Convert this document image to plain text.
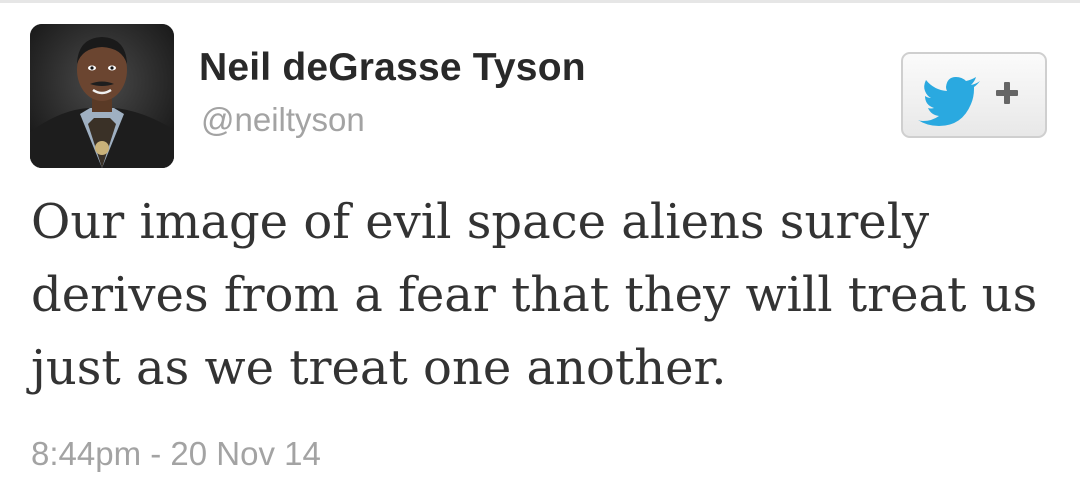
Neil deGrasse Tyson
@neiltyson

Our image of evil space aliens surely derives from a fear that they will treat us just as we treat one another.

8:44pm - 20 Nov 14
